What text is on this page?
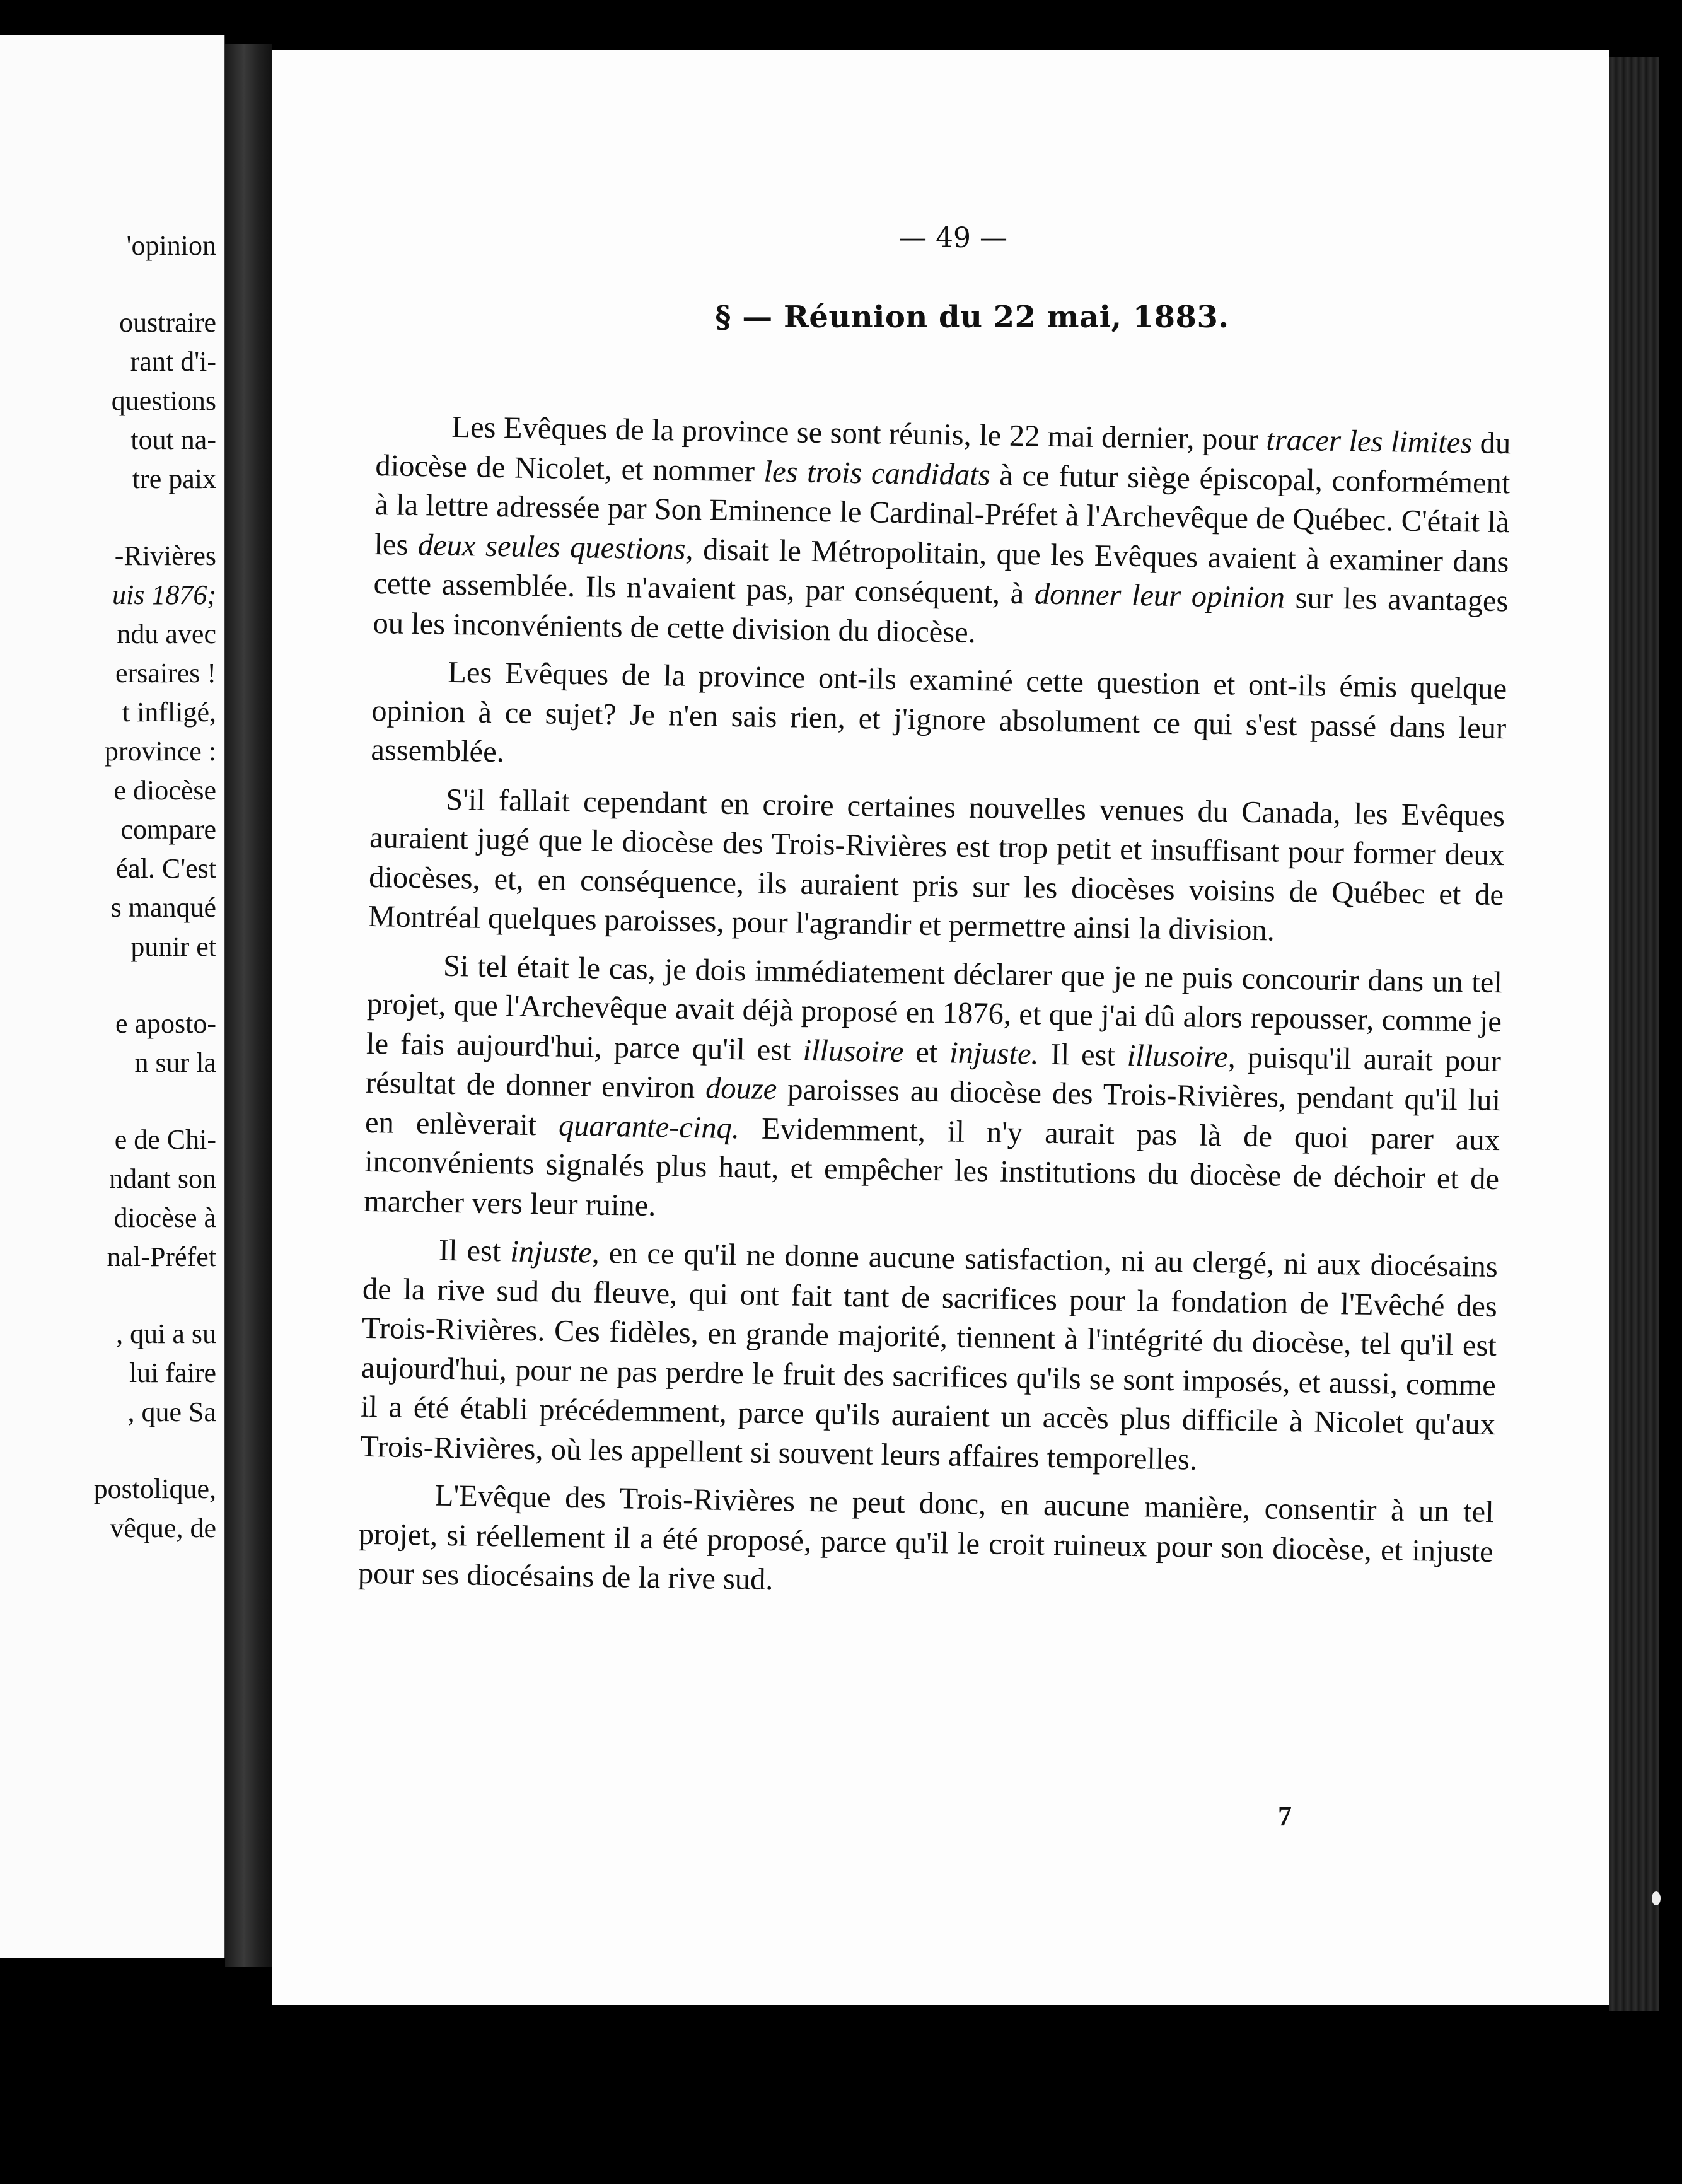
'opinion
oustraire
rant d'i-
questions
tout na-
tre paix
-Rivières
uis 1876;
ndu avec
ersaires !
t infligé,
province :
e diocèse
compare
éal. C'est
s manqué
punir et
e aposto-
n sur la
e de Chi-
ndant son
diocèse à
nal-Préfet
, qui a su
lui faire
, que Sa
postolique,
vêque, de
— 49 —
§ — Réunion du 22 mai, 1883.

Les Evêques de la province se sont réunis, le 22 mai dernier, pour tracer les limites du diocèse de Nicolet, et nommer les trois candidats à ce futur siège épiscopal, conformément à la lettre adressée par Son Eminence le Cardinal-Préfet à l'Archevêque de Québec. C'était là les deux seules questions, disait le Métropolitain, que les Evêques avaient à examiner dans cette assemblée. Ils n'avaient pas, par conséquent, à donner leur opinion sur les avantages ou les inconvénients de cette division du diocèse.

Les Evêques de la province ont-ils examiné cette question et ont-ils émis quelque opinion à ce sujet? Je n'en sais rien, et j'ignore absolument ce qui s'est passé dans leur assemblée.

S'il fallait cependant en croire certaines nouvelles venues du Canada, les Evêques auraient jugé que le diocèse des Trois-Rivières est trop petit et insuffisant pour former deux diocèses, et, en conséquence, ils auraient pris sur les diocèses voisins de Québec et de Montréal quelques paroisses, pour l'agrandir et permettre ainsi la division.

Si tel était le cas, je dois immédiatement déclarer que je ne puis concourir dans un tel projet, que l'Archevêque avait déjà proposé en 1876, et que j'ai dû alors repousser, comme je le fais aujourd'hui, parce qu'il est illusoire et injuste. Il est illusoire, puisqu'il aurait pour résultat de donner environ douze paroisses au diocèse des Trois-Rivières, pendant qu'il lui en enlèverait quarante-cinq. Evidemment, il n'y aurait pas là de quoi parer aux inconvénients signalés plus haut, et empêcher les institutions du diocèse de déchoir et de marcher vers leur ruine.

Il est injuste, en ce qu'il ne donne aucune satisfaction, ni au clergé, ni aux diocésains de la rive sud du fleuve, qui ont fait tant de sacrifices pour la fondation de l'Evêché des Trois-Rivières. Ces fidèles, en grande majorité, tiennent à l'intégrité du diocèse, tel qu'il est aujourd'hui, pour ne pas perdre le fruit des sacrifices qu'ils se sont imposés, et aussi, comme il a été établi précédemment, parce qu'ils auraient un accès plus difficile à Nicolet qu'aux Trois-Rivières, où les appellent si souvent leurs affaires temporelles.

L'Evêque des Trois-Rivières ne peut donc, en aucune manière, consentir à un tel projet, si réellement il a été proposé, parce qu'il le croit ruineux pour son diocèse, et injuste pour ses diocésains de la rive sud.

7
